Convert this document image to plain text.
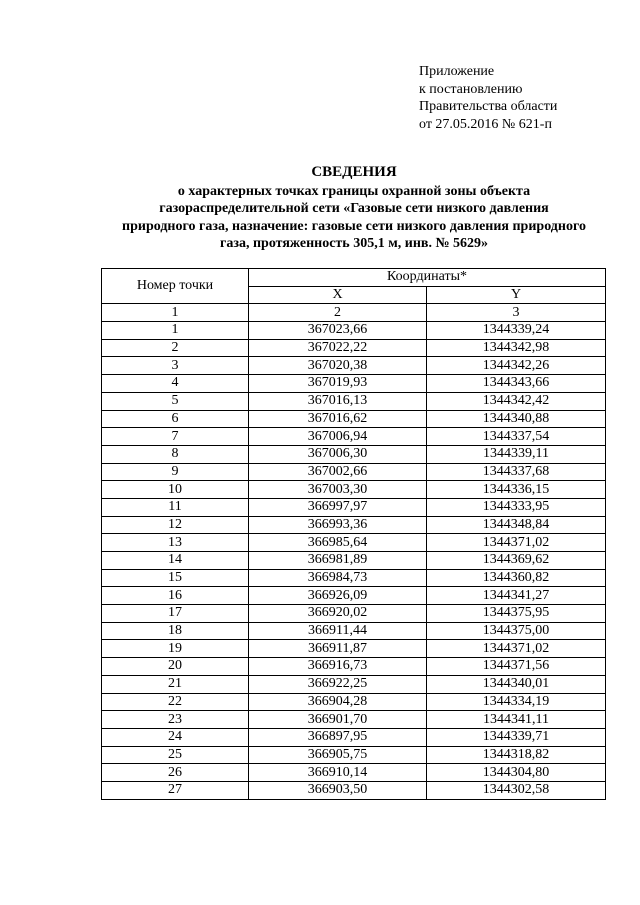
Приложение
к постановлению
Правительства области
от 27.05.2016 № 621-п
СВЕДЕНИЯ
о характерных точках границы охранной зоны объекта
газораспределительной сети «Газовые сети низкого давления
природного газа, назначение: газовые сети низкого давления природного
газа, протяженность 305,1 м, инв. № 5629»
Номер точки	Координаты*	
	X	Y
1	2	3
1	367023,66	1344339,24
2	367022,22	1344342,98
3	367020,38	1344342,26
4	367019,93	1344343,66
5	367016,13	1344342,42
6	367016,62	1344340,88
7	367006,94	1344337,54
8	367006,30	1344339,11
9	367002,66	1344337,68
10	367003,30	1344336,15
11	366997,97	1344333,95
12	366993,36	1344348,84
13	366985,64	1344371,02
14	366981,89	1344369,62
15	366984,73	1344360,82
16	366926,09	1344341,27
17	366920,02	1344375,95
18	366911,44	1344375,00
19	366911,87	1344371,02
20	366916,73	1344371,56
21	366922,25	1344340,01
22	366904,28	1344334,19
23	366901,70	1344341,11
24	366897,95	1344339,71
25	366905,75	1344318,82
26	366910,14	1344304,80
27	366903,50	1344302,58
